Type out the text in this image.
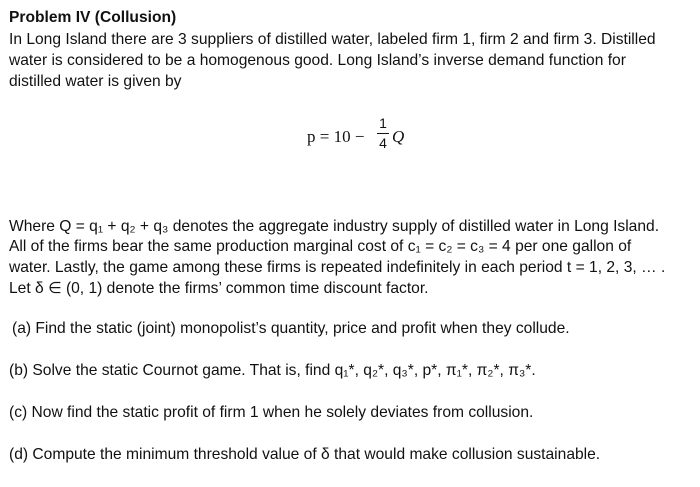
Problem IV (Collusion)
In Long Island there are 3 suppliers of distilled water, labeled firm 1, firm 2 and firm 3. Distilled
water is considered to be a homogenous good. Long Island’s inverse demand function for
distilled water is given by
p = 10 −
1
4 Q
Where Q = q₁ + q₂ + q₃ denotes the aggregate industry supply of distilled water in Long Island.
All of the firms bear the same production marginal cost of c₁ = c₂ = c₃ = 4 per one gallon of
water. Lastly, the game among these firms is repeated indefinitely in each period t = 1, 2, 3, … .
Let δ ∈ (0, 1) denote the firms’ common time discount factor.
(a) Find the static (joint) monopolist’s quantity, price and profit when they collude.
(b) Solve the static Cournot game. That is, find q₁*, q₂*, q₃*, p*, π₁*, π₂*, π₃*.
(c) Now find the static profit of firm 1 when he solely deviates from collusion.
(d) Compute the minimum threshold value of δ that would make collusion sustainable.
